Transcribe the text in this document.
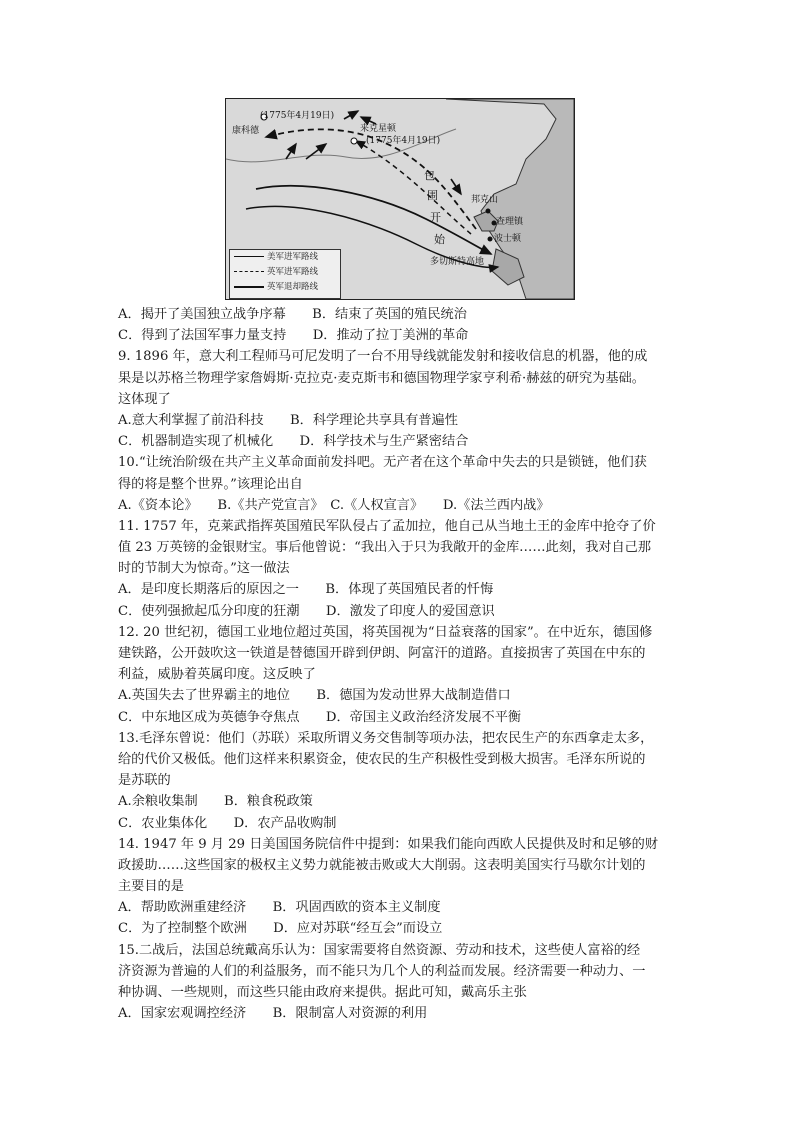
(1775年4月19日)
康科德	来克星顿
(1775年4月19日)
邦克山
查理镇
波士顿
多切斯特高地
包
围
开
始
美军进军路线
英军进军路线
英军退却路线
A．揭开了美国独立战争序幕　　B．结束了英国的殖民统治
C．得到了法国军事力量支持　　D．推动了拉丁美洲的革命
9. 1896 年，意大利工程师马可尼发明了一台不用导线就能发射和接收信息的机器，他的成
果是以苏格兰物理学家詹姆斯·克拉克·麦克斯韦和德国物理学家亨利希·赫兹的研究为基础。
这体现了
A.意大利掌握了前沿科技　　B．科学理论共享具有普遍性
C．机器制造实现了机械化　　D．科学技术与生产紧密结合
10.“让统治阶级在共产主义革命面前发抖吧。无产者在这个革命中失去的只是锁链，他们获
得的将是整个世界。”该理论出自
A.《资本论》　　B.《共产党宣言》　C.《人权宣言》　　D.《法兰西内战》
11. 1757 年，克莱武指挥英国殖民军队侵占了孟加拉，他自己从当地土王的金库中抢夺了价
值 23 万英镑的金银财宝。事后他曾说：“我出入于只为我敞开的金库……此刻，我对自己那
时的节制大为惊奇。”这一做法
A．是印度长期落后的原因之一　　B．体现了英国殖民者的忏悔
C．使列强掀起瓜分印度的狂潮　　D．激发了印度人的爱国意识
12. 20 世纪初，德国工业地位超过英国，将英国视为“日益衰落的国家”。在中近东，德国修
建铁路，公开鼓吹这一铁道是替德国开辟到伊朗、阿富汗的道路。直接损害了英国在中东的
利益，威胁着英属印度。这反映了
A.英国失去了世界霸主的地位　　B．德国为发动世界大战制造借口
C．中东地区成为英德争夺焦点　　D．帝国主义政治经济发展不平衡
13.毛泽东曾说：他们（苏联）采取所谓义务交售制等项办法，把农民生产的东西拿走太多，
给的代价又极低。他们这样来积累资金，使农民的生产积极性受到极大损害。毛泽东所说的
是苏联的
A.余粮收集制　　B．粮食税政策
C．农业集体化　　D．农产品收购制
14. 1947 年 9 月 29 日美国国务院信件中提到：如果我们能向西欧人民提供及时和足够的财
政援助……这些国家的极权主义势力就能被击败或大大削弱。这表明美国实行马歇尔计划的
主要目的是
A．帮助欧洲重建经济　　B．巩固西欧的资本主义制度
C．为了控制整个欧洲　　D．应对苏联“经互会”而设立
15.二战后，法国总统戴高乐认为：国家需要将自然资源、劳动和技术，这些使人富裕的经
济资源为普遍的人们的利益服务，而不能只为几个人的利益而发展。经济需要一种动力、一
种协调、一些规则，而这些只能由政府来提供。据此可知，戴高乐主张
A．国家宏观调控经济　　B．限制富人对资源的利用
